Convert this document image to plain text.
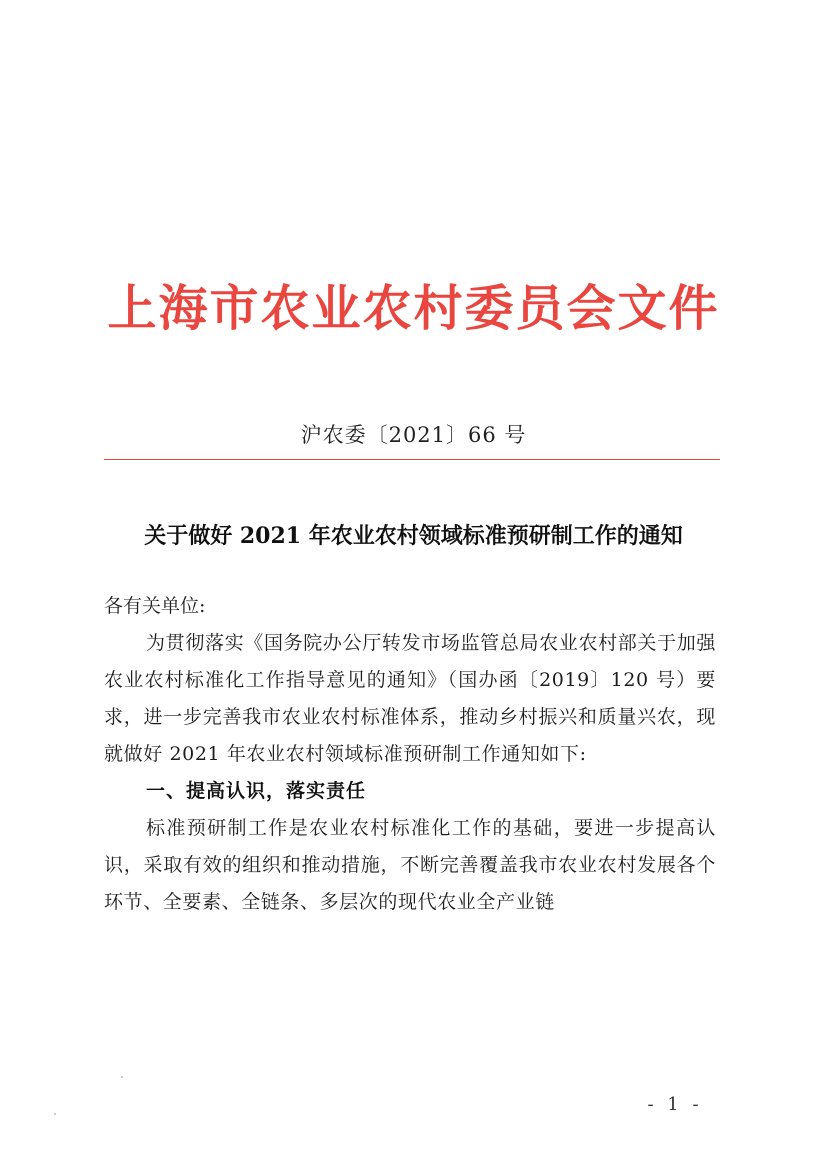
上海市农业农村委员会文件
沪农委〔2021〕66 号
关于做好 2021 年农业农村领域标准预研制工作的通知

各有关单位:

为贯彻落实《国务院办公厅转发市场监管总局农业农村部关于加强农业农村标准化工作指导意见的通知》（国办函〔2019〕120 号）要求，进一步完善我市农业农村标准体系，推动乡村振兴和质量兴农，现就做好 2021 年农业农村领域标准预研制工作通知如下:

一、提高认识，落实责任

标准预研制工作是农业农村标准化工作的基础，要进一步提高认识，采取有效的组织和推动措施，不断完善覆盖我市农业农村发展各个环节、全要素、全链条、多层次的现代农业全产业链

- 1 -
